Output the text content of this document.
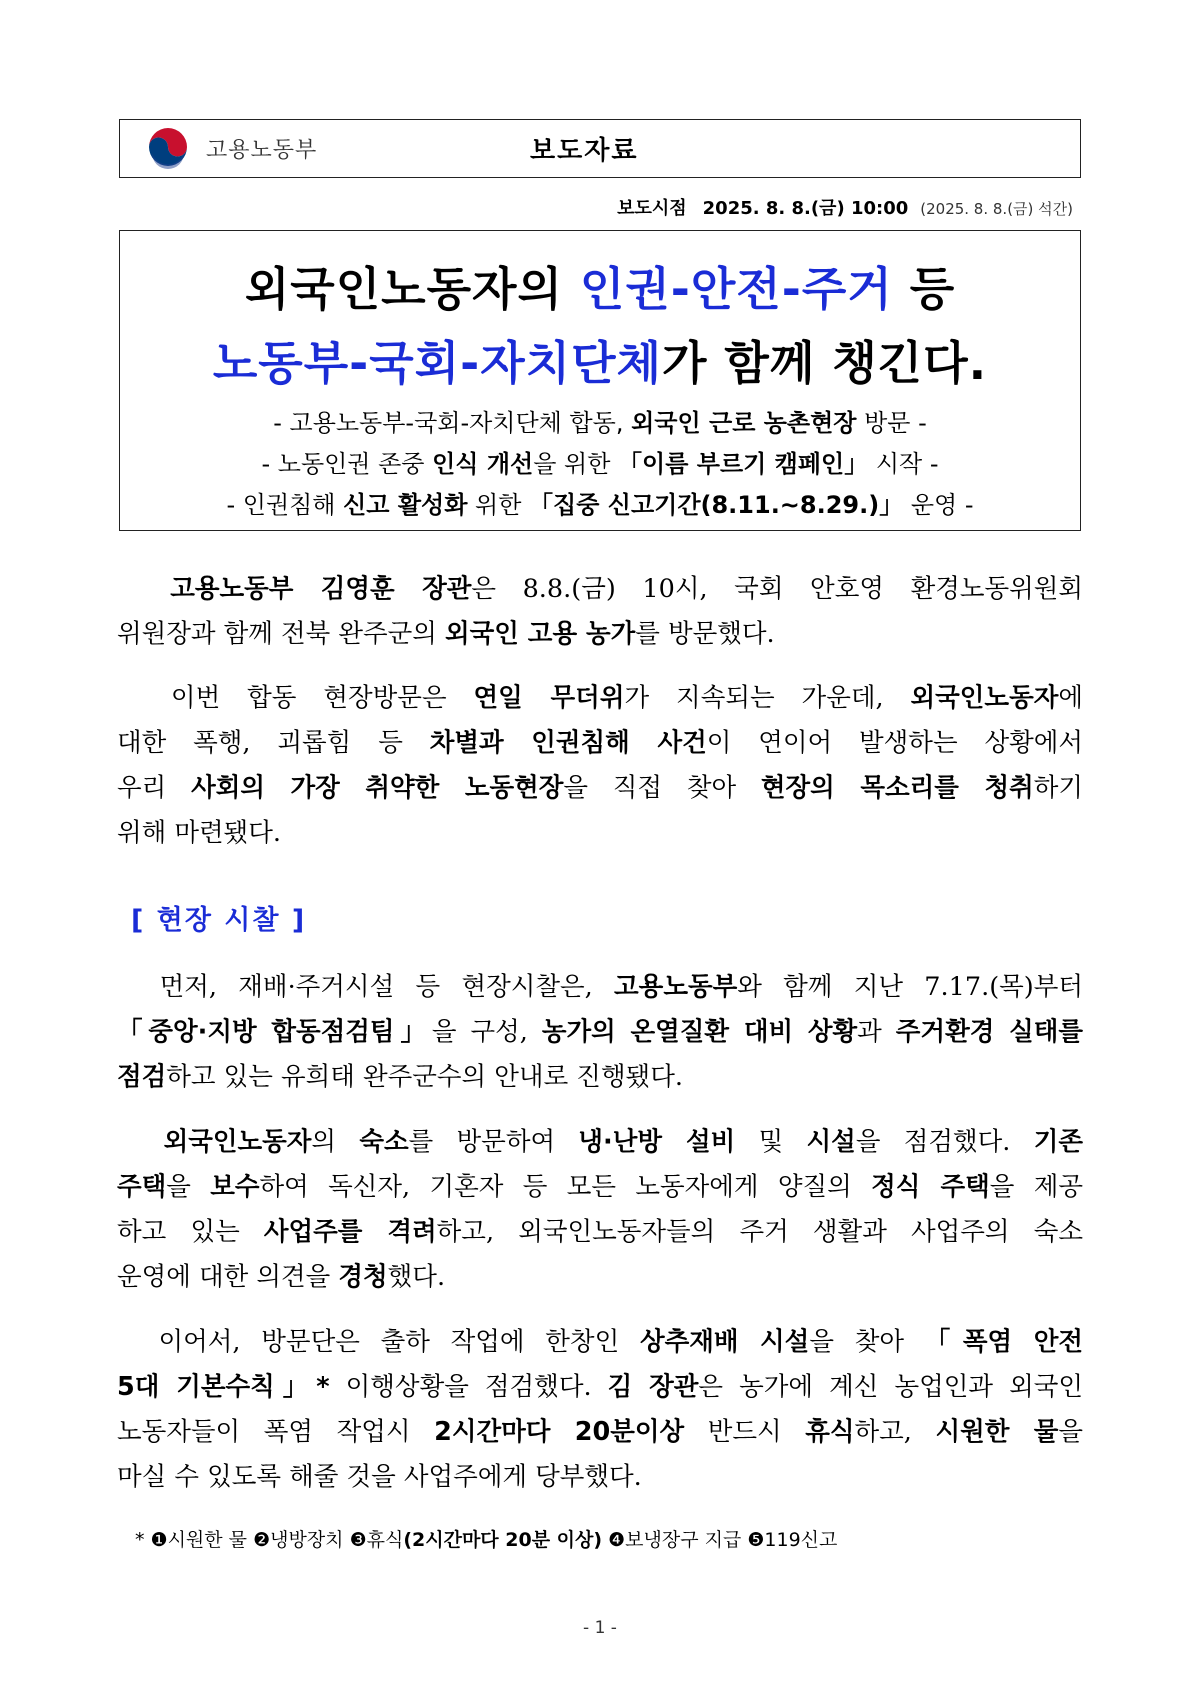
고용노동부	보도자료
보도시점 2025. 8. 8.(금) 10:00 (2025. 8. 8.(금) 석간)
외국인노동자의 인권-안전-주거 등
노동부-국회-자치단체가 함께 챙긴다.
- 고용노동부-국회-자치단체 합동, 외국인 근로 농촌현장 방문 -
- 노동인권 존중 인식 개선을 위한 「이름 부르기 캠페인」 시작 -
- 인권침해 신고 활성화 위한 「집중 신고기간(8.11.~8.29.)」 운영 -
고용노동부 김영훈 장관은 8.8.(금) 10시, 국회 안호영 환경노동위원회
위원장과 함께 전북 완주군의 외국인 고용 농가를 방문했다.
이번 합동 현장방문은 연일 무더위가 지속되는 가운데, 외국인노동자에
대한 폭행, 괴롭힘 등 차별과 인권침해 사건이 연이어 발생하는 상황에서
우리 사회의 가장 취약한 노동현장을 직접 찾아 현장의 목소리를 청취하기
위해 마련됐다.
[ 현장 시찰 ]
먼저, 재배·주거시설 등 현장시찰은, 고용노동부와 함께 지난 7.17.(목)부터
「중앙·지방 합동점검팀」을 구성, 농가의 온열질환 대비 상황과 주거환경 실태를
점검하고 있는 유희태 완주군수의 안내로 진행됐다.
외국인노동자의 숙소를 방문하여 냉·난방 설비 및 시설을 점검했다. 기존
주택을 보수하여 독신자, 기혼자 등 모든 노동자에게 양질의 정식 주택을 제공
하고 있는 사업주를 격려하고, 외국인노동자들의 주거 생활과 사업주의 숙소
운영에 대한 의견을 경청했다.
이어서, 방문단은 출하 작업에 한창인 상추재배 시설을 찾아 「폭염 안전
5대 기본수칙」* 이행상황을 점검했다. 김 장관은 농가에 계신 농업인과 외국인
노동자들이 폭염 작업시 2시간마다 20분이상 반드시 휴식하고, 시원한 물을
마실 수 있도록 해줄 것을 사업주에게 당부했다.
* ❶시원한 물 ❷냉방장치 ❸휴식(2시간마다 20분 이상) ❹보냉장구 지급 ❺119신고
- 1 -
